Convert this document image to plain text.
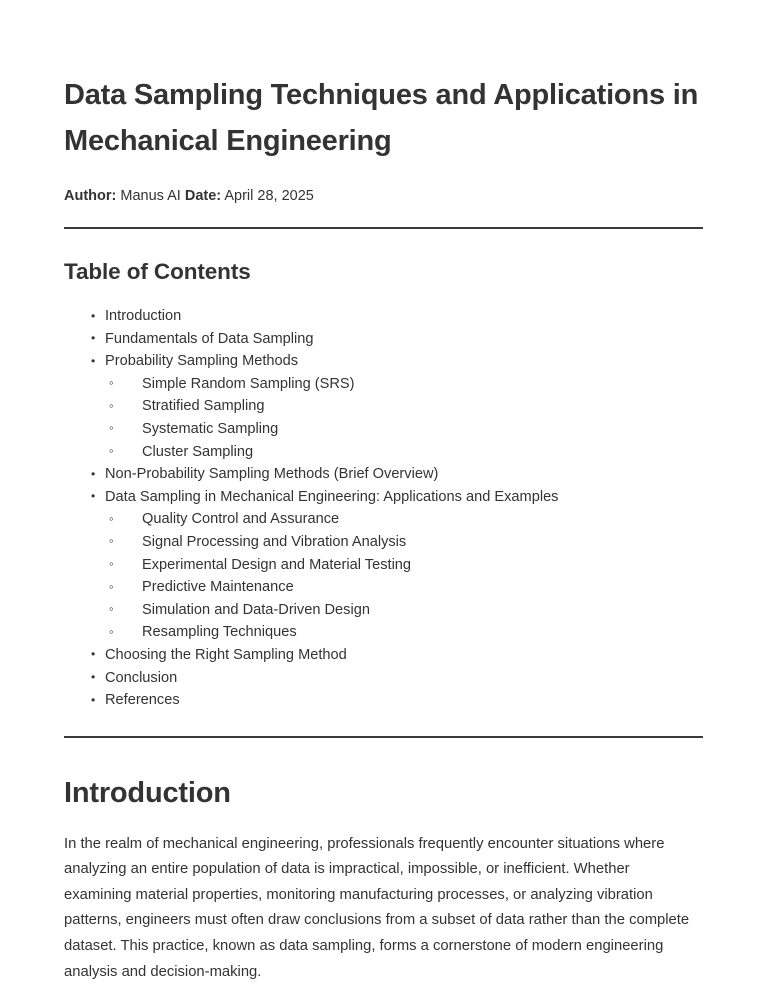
Data Sampling Techniques and Applications in Mechanical Engineering

Author: Manus AI Date: April 28, 2025

Table of Contents
• Introduction
• Fundamentals of Data Sampling
• Probability Sampling Methods
◦ Simple Random Sampling (SRS)
◦ Stratified Sampling
◦ Systematic Sampling
◦ Cluster Sampling
• Non-Probability Sampling Methods (Brief Overview)
• Data Sampling in Mechanical Engineering: Applications and Examples
◦ Quality Control and Assurance
◦ Signal Processing and Vibration Analysis
◦ Experimental Design and Material Testing
◦ Predictive Maintenance
◦ Simulation and Data-Driven Design
◦ Resampling Techniques
• Choosing the Right Sampling Method
• Conclusion
• References
Introduction

In the realm of mechanical engineering, professionals frequently encounter situations where analyzing an entire population of data is impractical, impossible, or inefficient. Whether examining material properties, monitoring manufacturing processes, or analyzing vibration patterns, engineers must often draw conclusions from a subset of data rather than the complete dataset. This practice, known as data sampling, forms a cornerstone of modern engineering analysis and decision-making.
